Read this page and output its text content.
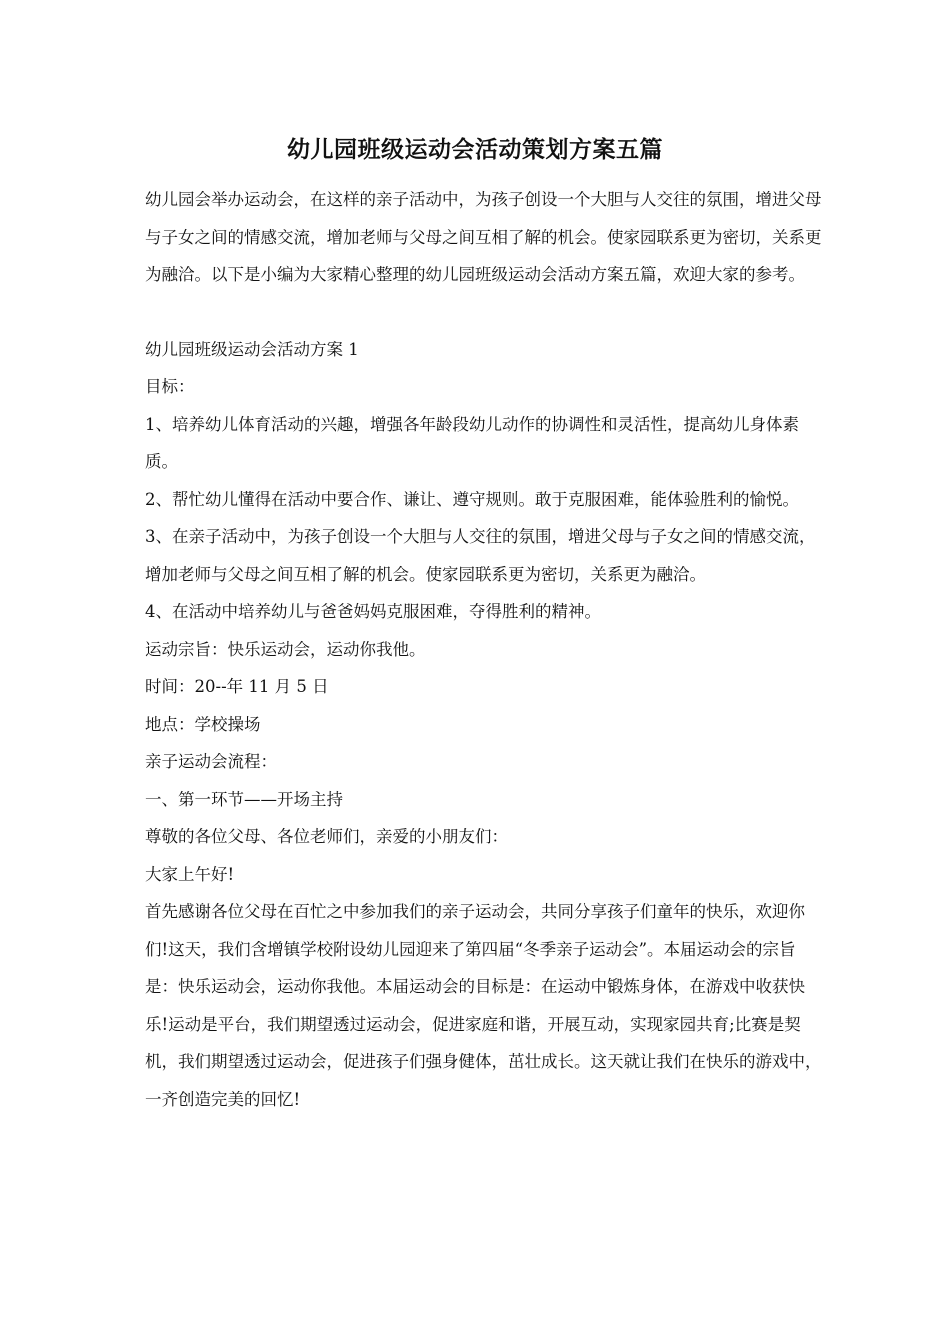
幼儿园班级运动会活动策划方案五篇

幼儿园会举办运动会，在这样的亲子活动中，为孩子创设一个大胆与人交往的氛围，增进父母与子女之间的情感交流，增加老师与父母之间互相了解的机会。使家园联系更为密切，关系更为融洽。以下是小编为大家精心整理的幼儿园班级运动会活动方案五篇，欢迎大家的参考。

幼儿园班级运动会活动方案 1

目标：

1、培养幼儿体育活动的兴趣，增强各年龄段幼儿动作的协调性和灵活性，提高幼儿身体素质。

2、帮忙幼儿懂得在活动中要合作、谦让、遵守规则。敢于克服困难，能体验胜利的愉悦。

3、在亲子活动中，为孩子创设一个大胆与人交往的氛围，增进父母与子女之间的情感交流，增加老师与父母之间互相了解的机会。使家园联系更为密切，关系更为融洽。

4、在活动中培养幼儿与爸爸妈妈克服困难，夺得胜利的精神。

运动宗旨：快乐运动会，运动你我他。

时间：20--年 11 月 5 日

地点：学校操场

亲子运动会流程：

一、第一环节——开场主持

尊敬的各位父母、各位老师们，亲爱的小朋友们：

大家上午好!

首先感谢各位父母在百忙之中参加我们的亲子运动会，共同分享孩子们童年的快乐，欢迎你们!这天，我们含增镇学校附设幼儿园迎来了第四届“冬季亲子运动会”。本届运动会的宗旨是：快乐运动会，运动你我他。本届运动会的目标是：在运动中锻炼身体，在游戏中收获快乐!运动是平台，我们期望透过运动会，促进家庭和谐，开展互动，实现家园共育;比赛是契机，我们期望透过运动会，促进孩子们强身健体，茁壮成长。这天就让我们在快乐的游戏中，一齐创造完美的回忆!
